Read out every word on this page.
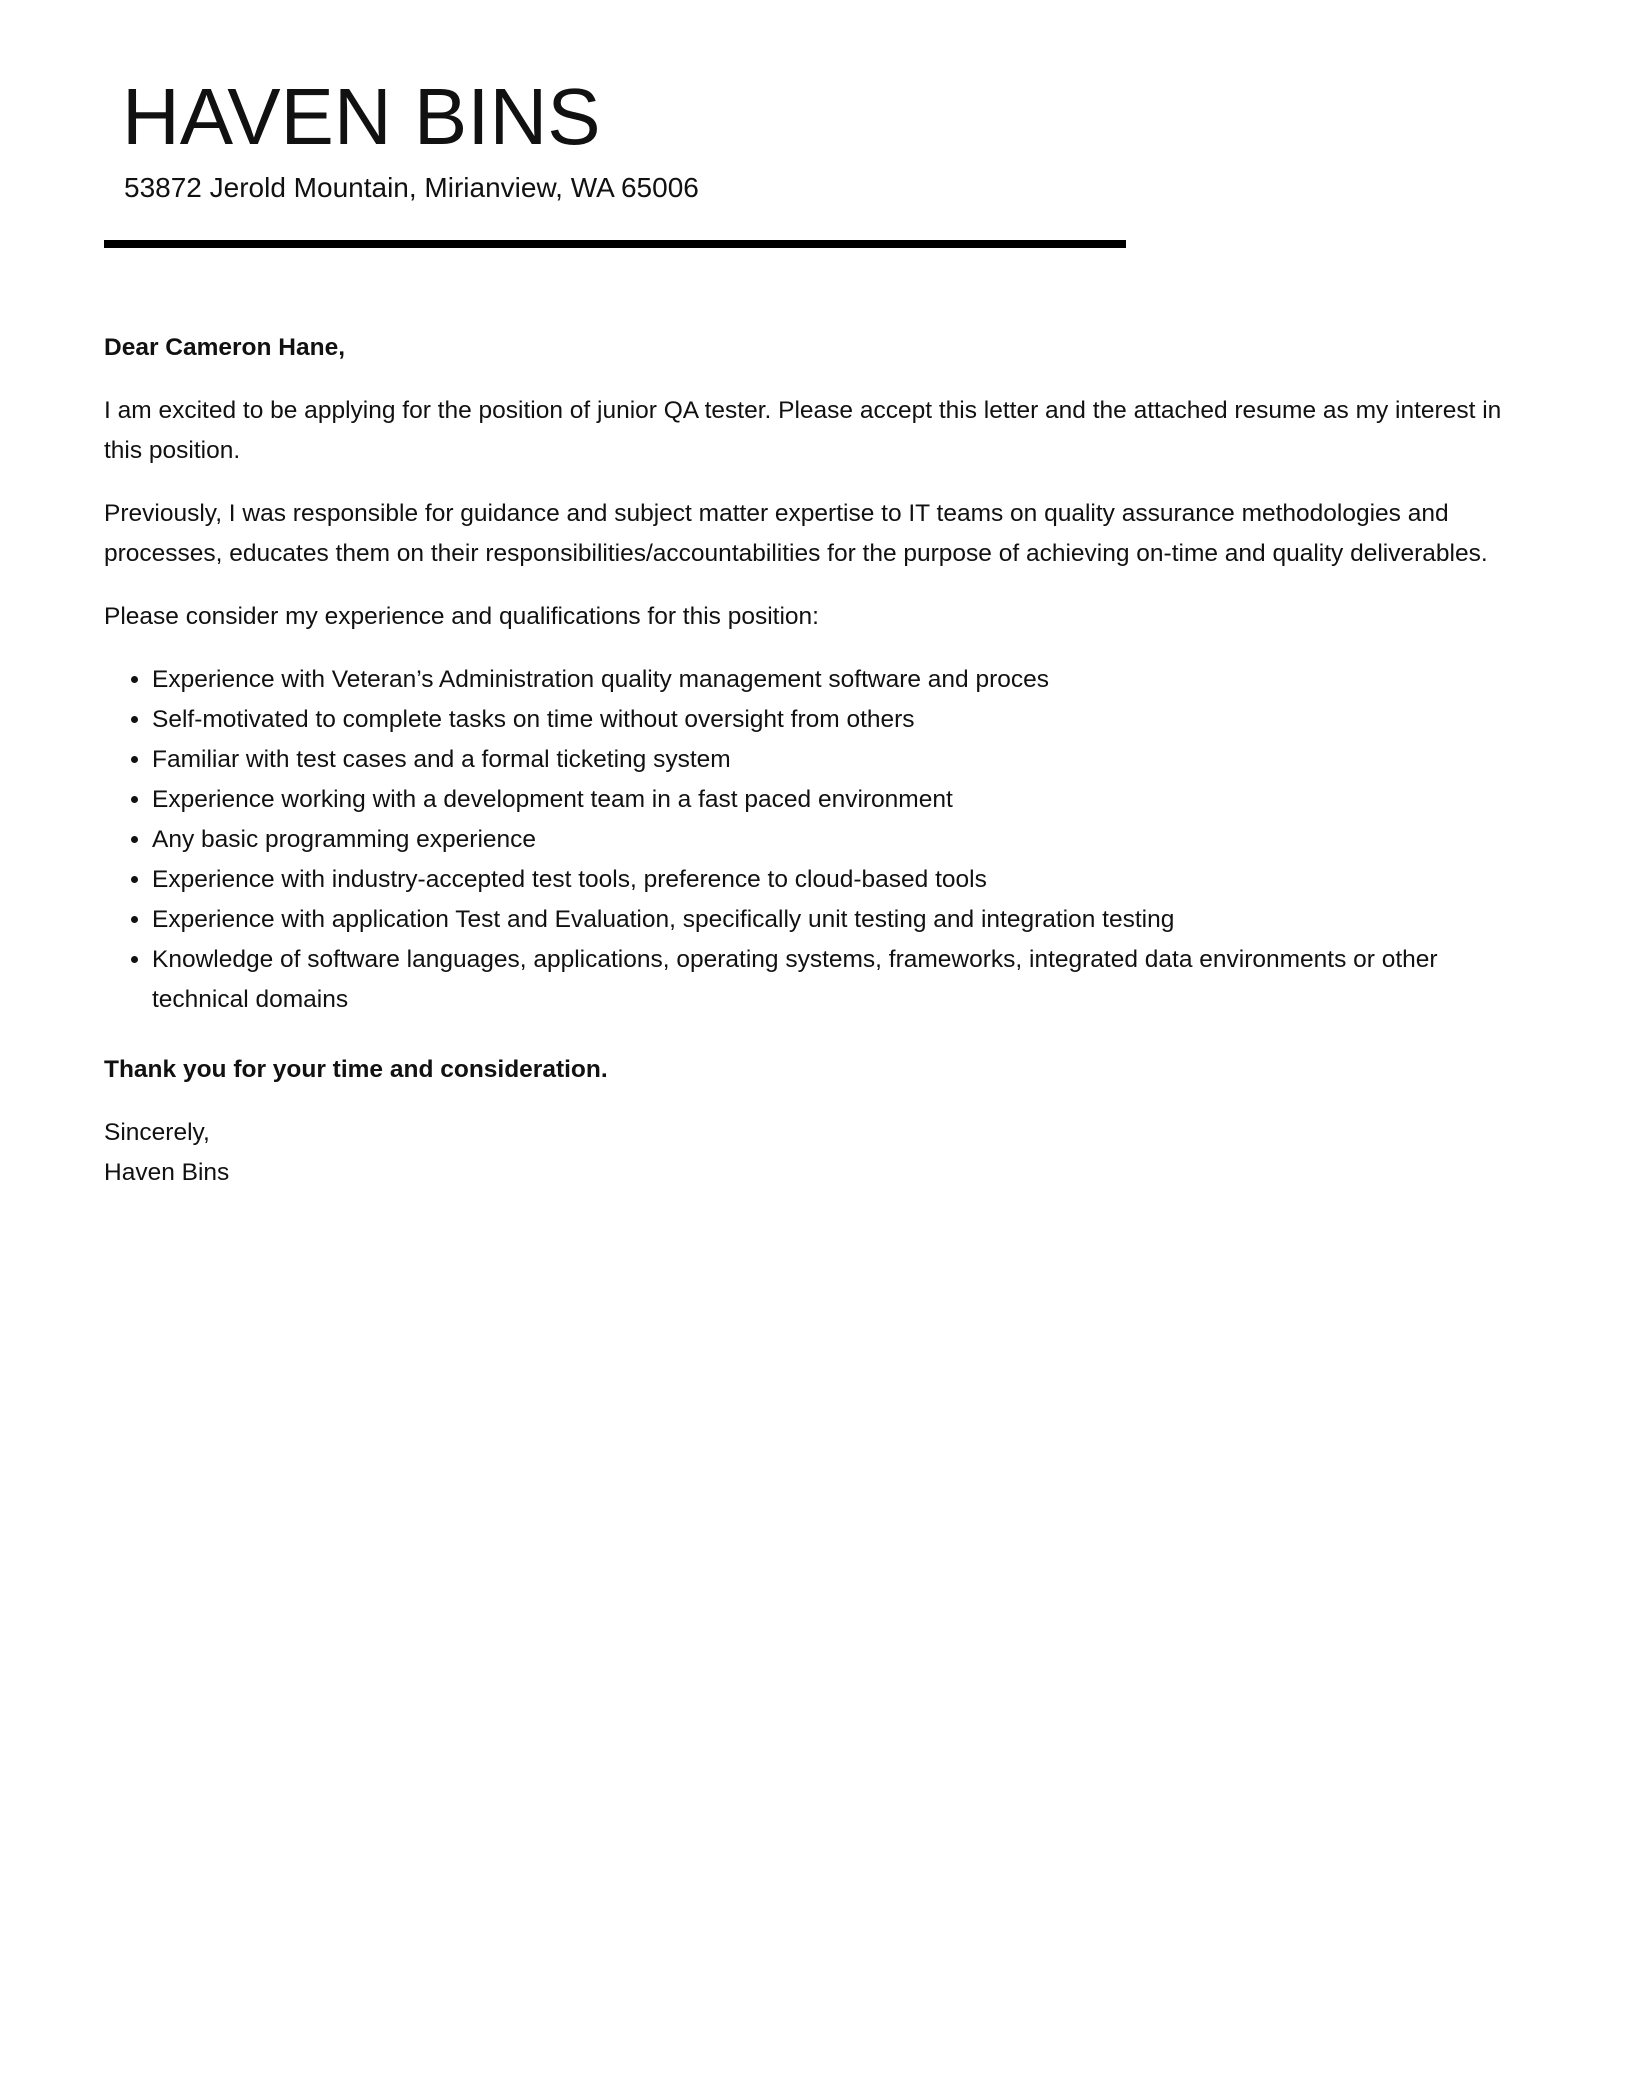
HAVEN BINS
53872 Jerold Mountain, Mirianview, WA 65006

Dear Cameron Hane,

I am excited to be applying for the position of junior QA tester. Please accept this letter and the attached resume as my interest in this position.

Previously, I was responsible for guidance and subject matter expertise to IT teams on quality assurance methodologies and processes, educates them on their responsibilities/accountabilities for the purpose of achieving on-time and quality deliverables.

Please consider my experience and qualifications for this position:

• Experience with Veteran’s Administration quality management software and proces
• Self-motivated to complete tasks on time without oversight from others
• Familiar with test cases and a formal ticketing system
• Experience working with a development team in a fast paced environment
• Any basic programming experience
• Experience with industry-accepted test tools, preference to cloud-based tools
• Experience with application Test and Evaluation, specifically unit testing and integration testing
• Knowledge of software languages, applications, operating systems, frameworks, integrated data environments or other technical domains

Thank you for your time and consideration.

Sincerely,

Haven Bins
